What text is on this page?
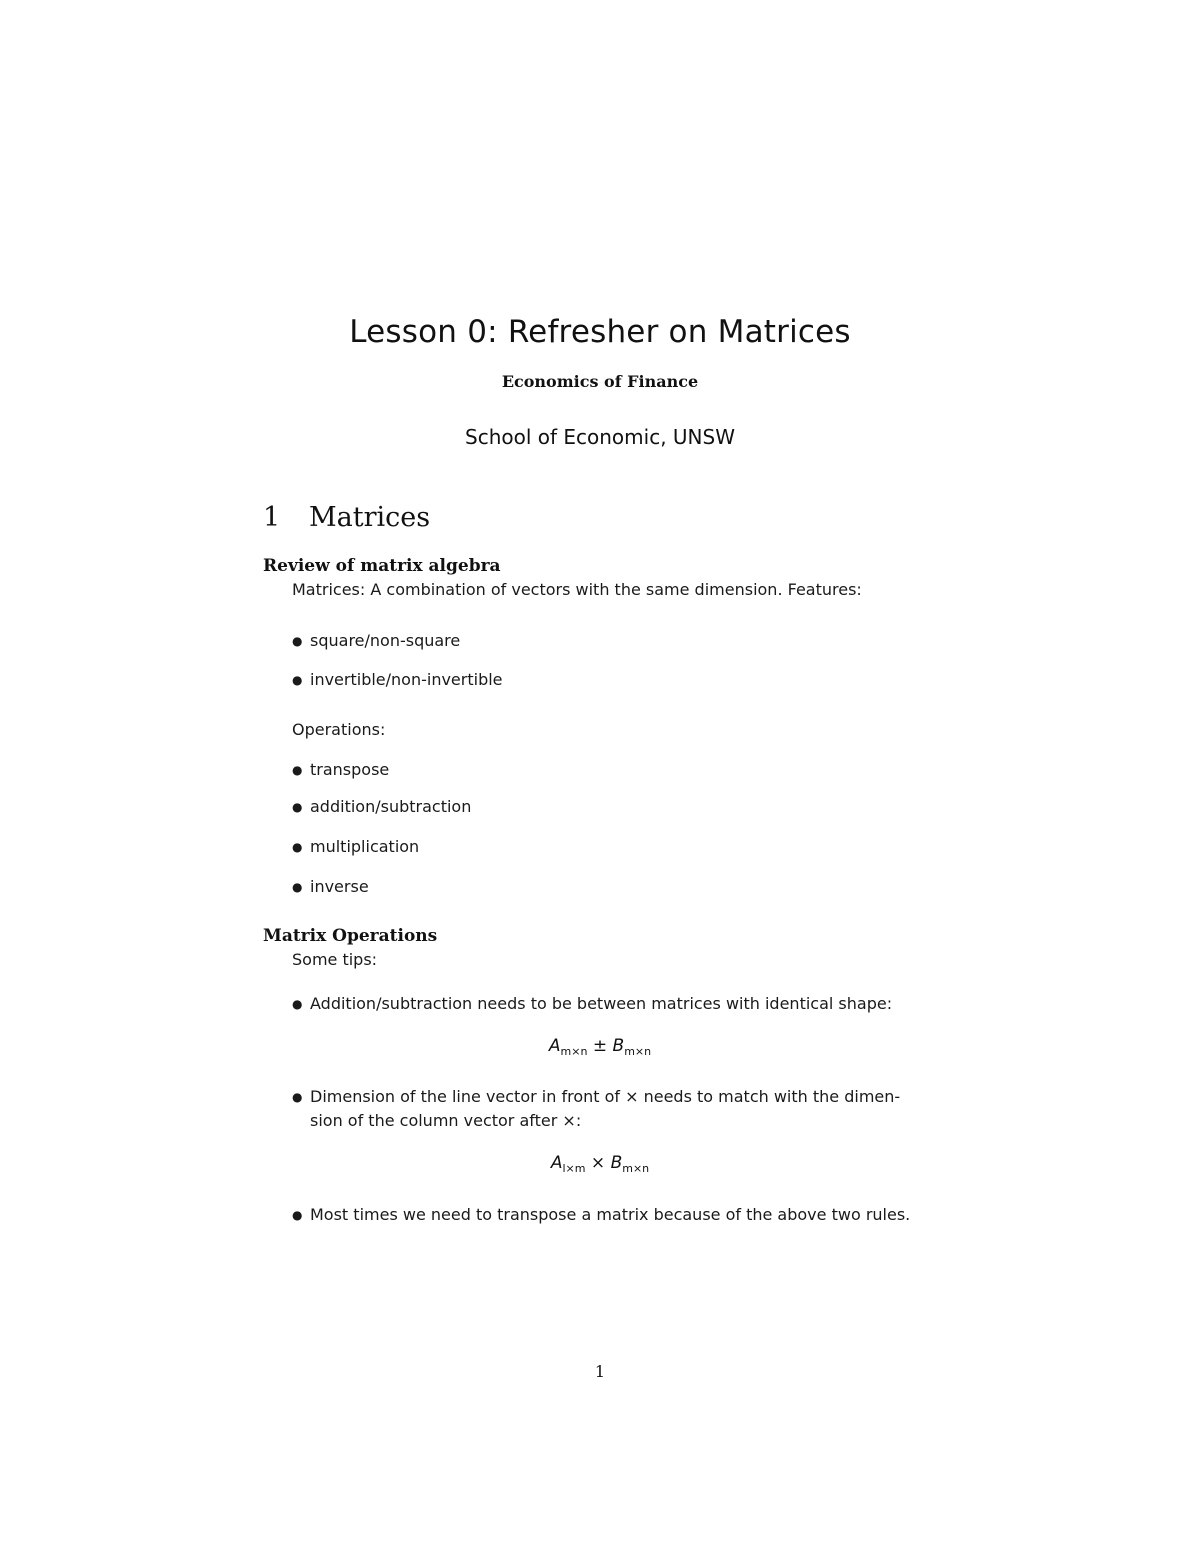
Lesson 0: Refresher on Matrices
Economics of Finance
School of Economic, UNSW
1 Matrices
Review of matrix algebra
Matrices: A combination of vectors with the same dimension. Features:
● square/non-square
● invertible/non-invertible
Operations:
● transpose
● addition/subtraction
● multiplication
● inverse
Matrix Operations
Some tips:
● Addition/subtraction needs to be between matrices with identical shape:
$A_{m\times n} \pm B_{m\times n}$
● Dimension of the line vector in front of × needs to match with the dimen-
sion of the column vector after ×:
$A_{l\times m} \times B_{m\times n}$
● Most times we need to transpose a matrix because of the above two rules.
1
